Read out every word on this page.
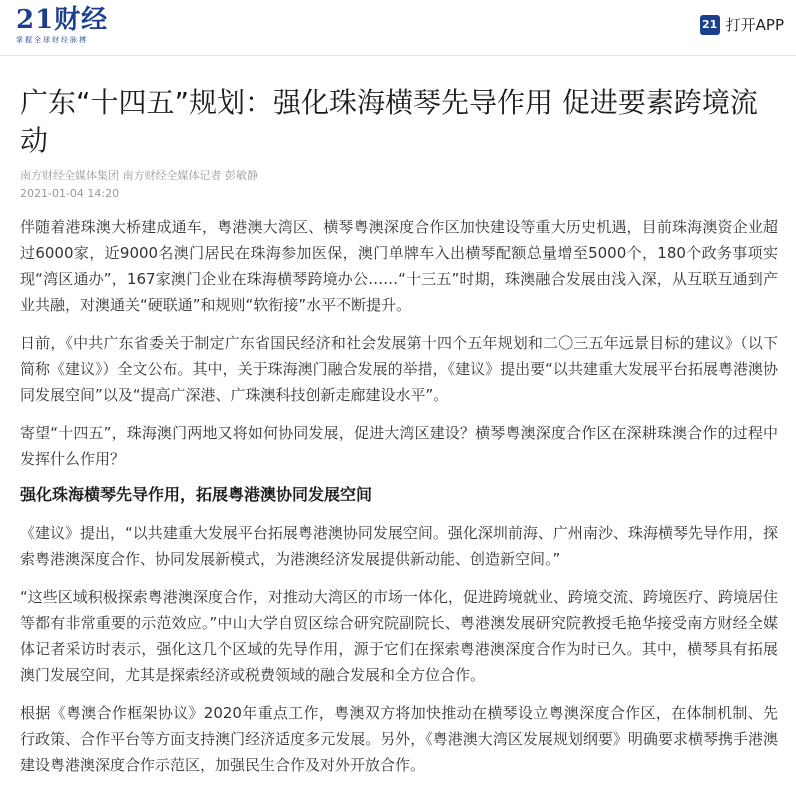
21财经
掌握全球财经脉搏
21 打开APP
广东“十四五”规划：强化珠海横琴先导作用 促进要素跨境流动
南方财经全媒体集团 南方财经全媒体记者 彭敏静
2021-01-04 14:20

伴随着港珠澳大桥建成通车，粤港澳大湾区、横琴粤澳深度合作区加快建设等重大历史机遇，目前珠海澳资企业超过6000家，近9000名澳门居民在珠海参加医保，澳门单牌车入出横琴配额总量增至5000个，180个政务事项实现“湾区通办”，167家澳门企业在珠海横琴跨境办公……“十三五”时期，珠澳融合发展由浅入深，从互联互通到产业共融，对澳通关“硬联通”和规则“软衔接”水平不断提升。

日前，《中共广东省委关于制定广东省国民经济和社会发展第十四个五年规划和二〇三五年远景目标的建议》（以下简称《建议》）全文公布。其中，关于珠海澳门融合发展的举措，《建议》提出要“以共建重大发展平台拓展粤港澳协同发展空间”以及“提高广深港、广珠澳科技创新走廊建设水平”。

寄望“十四五”，珠海澳门两地又将如何协同发展，促进大湾区建设？横琴粤澳深度合作区在深耕珠澳合作的过程中发挥什么作用？

强化珠海横琴先导作用，拓展粤港澳协同发展空间

《建议》提出，“以共建重大发展平台拓展粤港澳协同发展空间。强化深圳前海、广州南沙、珠海横琴先导作用，探索粤港澳深度合作、协同发展新模式，为港澳经济发展提供新动能、创造新空间。”

“这些区域积极探索粤港澳深度合作，对推动大湾区的市场一体化，促进跨境就业、跨境交流、跨境医疗、跨境居住等都有非常重要的示范效应。”中山大学自贸区综合研究院副院长、粤港澳发展研究院教授毛艳华接受南方财经全媒体记者采访时表示，强化这几个区域的先导作用，源于它们在探索粤港澳深度合作为时已久。其中，横琴具有拓展澳门发展空间，尤其是探索经济或税费领域的融合发展和全方位合作。

根据《粤澳合作框架协议》2020年重点工作，粤澳双方将加快推动在横琴设立粤澳深度合作区，在体制机制、先行政策、合作平台等方面支持澳门经济适度多元发展。另外，《粤港澳大湾区发展规划纲要》明确要求横琴携手港澳建设粤港澳深度合作示范区，加强民生合作及对外开放合作。
